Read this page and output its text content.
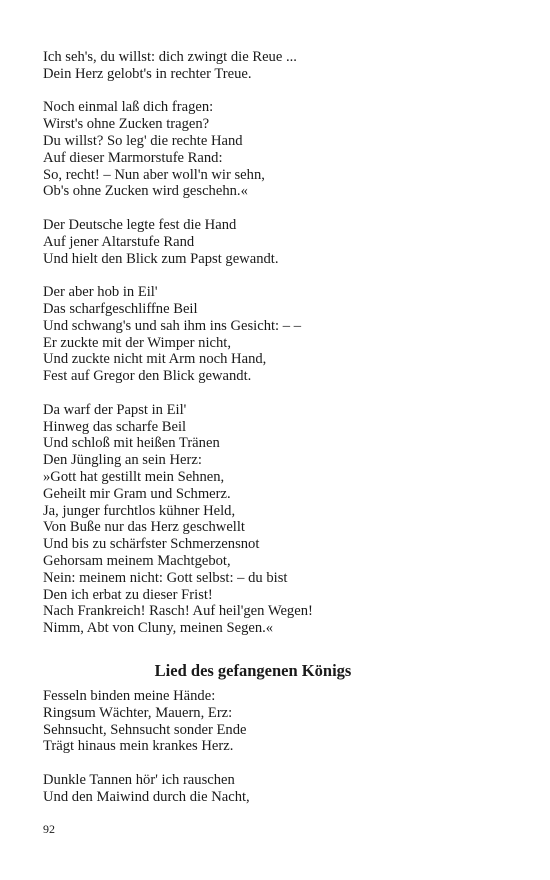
Ich seh's, du willst: dich zwingt die Reue ...
Dein Herz gelobt's in rechter Treue.
Noch einmal laß dich fragen:
Wirst's ohne Zucken tragen?
Du willst? So leg' die rechte Hand
Auf dieser Marmorstufe Rand:
So, recht! – Nun aber woll'n wir sehn,
Ob's ohne Zucken wird geschehn.«
Der Deutsche legte fest die Hand
Auf jener Altarstufe Rand
Und hielt den Blick zum Papst gewandt.
Der aber hob in Eil'
Das scharfgeschliffne Beil
Und schwang's und sah ihm ins Gesicht: – –
Er zuckte mit der Wimper nicht,
Und zuckte nicht mit Arm noch Hand,
Fest auf Gregor den Blick gewandt.
Da warf der Papst in Eil'
Hinweg das scharfe Beil
Und schloß mit heißen Tränen
Den Jüngling an sein Herz:
»Gott hat gestillt mein Sehnen,
Geheilt mir Gram und Schmerz.
Ja, junger furchtlos kühner Held,
Von Buße nur das Herz geschwellt
Und bis zu schärfster Schmerzensnot
Gehorsam meinem Machtgebot,
Nein: meinem nicht: Gott selbst: – du bist
Den ich erbat zu dieser Frist!
Nach Frankreich! Rasch! Auf heil'gen Wegen!
Nimm, Abt von Cluny, meinen Segen.«
Lied des gefangenen Königs
Fesseln binden meine Hände:
Ringsum Wächter, Mauern, Erz:
Sehnsucht, Sehnsucht sonder Ende
Trägt hinaus mein krankes Herz.
Dunkle Tannen hör' ich rauschen
Und den Maiwind durch die Nacht,
92
